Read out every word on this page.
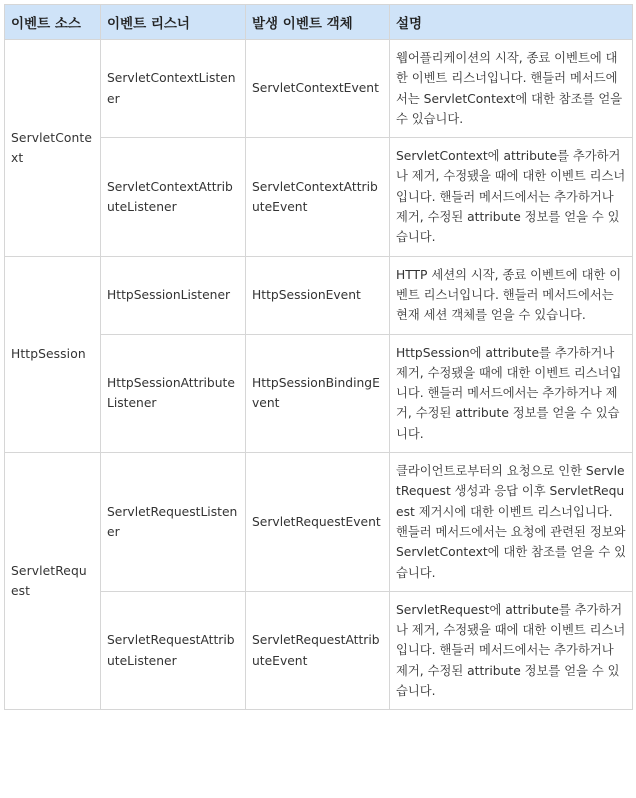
이벤트 소스	이벤트 리스너	발생 이벤트 객체	설명
ServletContext	ServletContextListener	ServletContextEvent	웹어플리케이션의 시작, 종료 이벤트에 대한 이벤트 리스너입니다. 핸들러 메서드에서는 ServletContext에 대한 참조를 얻을 수 있습니다.
	ServletContextAttributeListener	ServletContextAttributeEvent	ServletContext에 attribute를 추가하거나 제거, 수정됐을 때에 대한 이벤트 리스너입니다. 핸들러 메서드에서는 추가하거나 제거, 수정된 attribute 정보를 얻을 수 있습니다.
HttpSession	HttpSessionListener	HttpSessionEvent	HTTP 세션의 시작, 종료 이벤트에 대한 이벤트 리스너입니다. 핸들러 메서드에서는 현재 세션 객체를 얻을 수 있습니다.
	HttpSessionAttributeListener	HttpSessionBindingEvent	HttpSession에 attribute를 추가하거나 제거, 수정됐을 때에 대한 이벤트 리스너입니다. 핸들러 메서드에서는 추가하거나 제거, 수정된 attribute 정보를 얻을 수 있습니다.
ServletRequest	ServletRequestListener	ServletRequestEvent	클라이언트로부터의 요청으로 인한 ServletRequest 생성과 응답 이후 ServletRequest 제거시에 대한 이벤트 리스너입니다. 핸들러 메서드에서는 요청에 관련된 정보와 ServletContext에 대한 참조를 얻을 수 있습니다.
	ServletRequestAttributeListener	ServletRequestAttributeEvent	ServletRequest에 attribute를 추가하거나 제거, 수정됐을 때에 대한 이벤트 리스너입니다. 핸들러 메서드에서는 추가하거나 제거, 수정된 attribute 정보를 얻을 수 있습니다.
